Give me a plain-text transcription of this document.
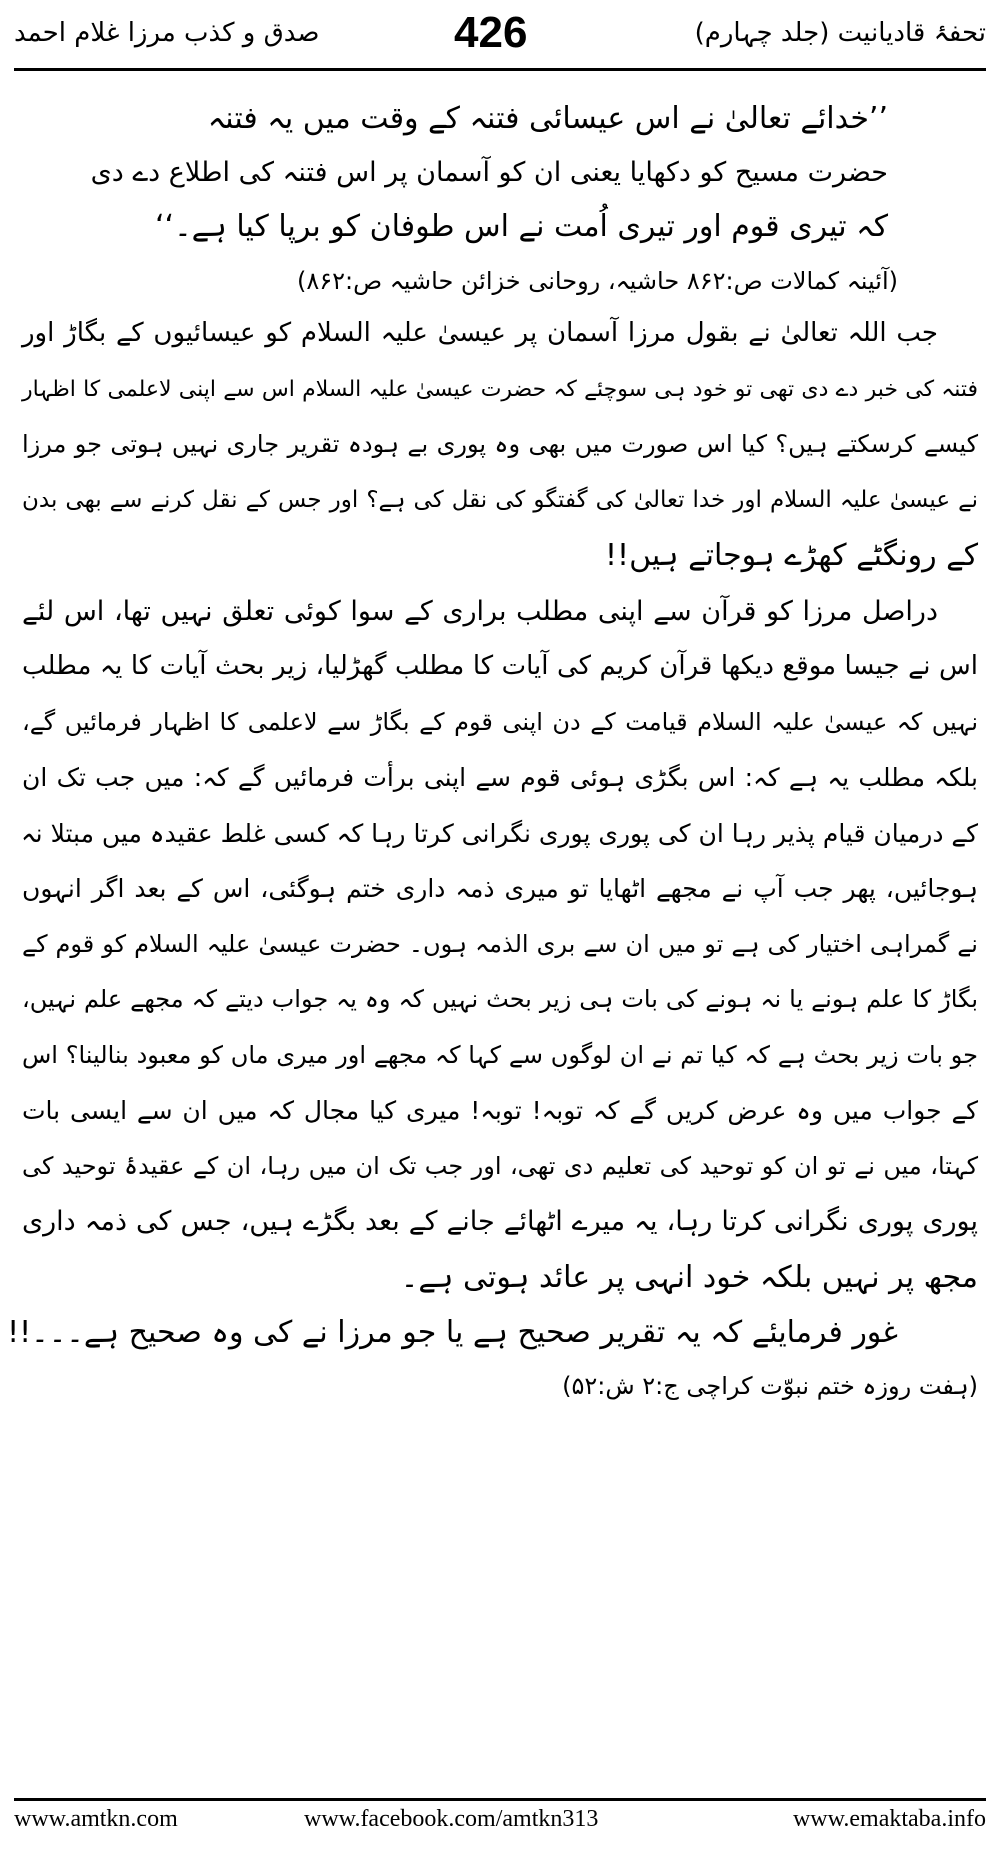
تحفۂ قادیانیت (جلد چہارم)
426
صدق و کذب مرزا غلام احمد
’’خدائے تعالیٰ نے اس عیسائی فتنہ کے وقت میں یہ فتنہ
حضرت مسیح کو دکھایا یعنی ان کو آسمان پر اس فتنہ کی اطلاع دے دی
کہ تیری قوم اور تیری اُمت نے اس طوفان کو برپا کیا ہے۔‘‘
(آئینہ کمالات ص:۸۶۲ حاشیہ، روحانی خزائن حاشیہ ص:۸۶۲)
جب اللہ تعالیٰ نے بقول مرزا آسمان پر عیسیٰ علیہ السلام کو عیسائیوں کے بگاڑ اور
فتنہ کی خبر دے دی تھی تو خود ہی سوچئے کہ حضرت عیسیٰ علیہ السلام اس سے اپنی لاعلمی کا اظہار
کیسے کرسکتے ہیں؟ کیا اس صورت میں بھی وہ پوری بے ہودہ تقریر جاری نہیں ہوتی جو مرزا
نے عیسیٰ علیہ السلام اور خدا تعالیٰ کی گفتگو کی نقل کی ہے؟ اور جس کے نقل کرنے سے بھی بدن
کے رونگٹے کھڑے ہوجاتے ہیں!!
دراصل مرزا کو قرآن سے اپنی مطلب براری کے سوا کوئی تعلق نہیں تھا، اس لئے
اس نے جیسا موقع دیکھا قرآن کریم کی آیات کا مطلب گھڑلیا، زیر بحث آیات کا یہ مطلب
نہیں کہ عیسیٰ علیہ السلام قیامت کے دن اپنی قوم کے بگاڑ سے لاعلمی کا اظہار فرمائیں گے،
بلکہ مطلب یہ ہے کہ: اس بگڑی ہوئی قوم سے اپنی برأت فرمائیں گے کہ: میں جب تک ان
کے درمیان قیام پذیر رہا ان کی پوری پوری نگرانی کرتا رہا کہ کسی غلط عقیدہ میں مبتلا نہ
ہوجائیں، پھر جب آپ نے مجھے اٹھایا تو میری ذمہ داری ختم ہوگئی، اس کے بعد اگر انہوں
نے گمراہی اختیار کی ہے تو میں ان سے بری الذمہ ہوں۔ حضرت عیسیٰ علیہ السلام کو قوم کے
بگاڑ کا علم ہونے یا نہ ہونے کی بات ہی زیر بحث نہیں کہ وہ یہ جواب دیتے کہ مجھے علم نہیں،
جو بات زیر بحث ہے کہ کیا تم نے ان لوگوں سے کہا کہ مجھے اور میری ماں کو معبود بنالینا؟ اس
کے جواب میں وہ عرض کریں گے کہ توبہ! توبہ! میری کیا مجال کہ میں ان سے ایسی بات
کہتا، میں نے تو ان کو توحید کی تعلیم دی تھی، اور جب تک ان میں رہا، ان کے عقیدۂ توحید کی
پوری پوری نگرانی کرتا رہا، یہ میرے اٹھائے جانے کے بعد بگڑے ہیں، جس کی ذمہ داری
مجھ پر نہیں بلکہ خود انہی پر عائد ہوتی ہے۔
غور فرمایئے کہ یہ تقریر صحیح ہے یا جو مرزا نے کی وہ صحیح ہے۔۔۔!!
(ہفت روزہ ختم نبوّت کراچی ج:۲ ش:۵۲)
www.amtkn.com	www.facebook.com/amtkn313	www.emaktaba.info
